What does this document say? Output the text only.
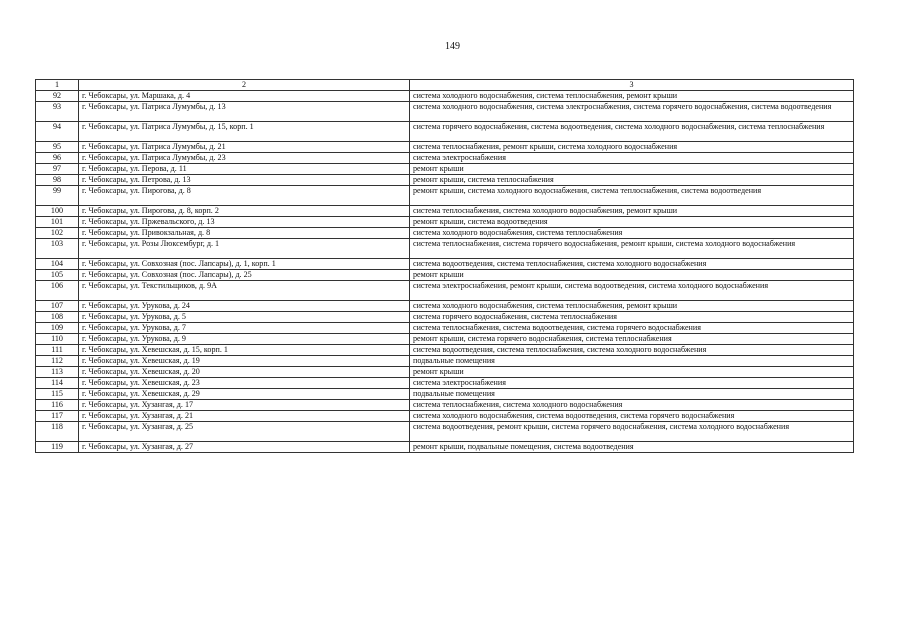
149
1	2	3
92	г. Чебоксары, ул. Маршака, д. 4	система холодного водоснабжения, система теплоснабжения, ремонт крыши
93	г. Чебоксары, ул. Патриса Лумумбы, д. 13	система холодного водоснабжения, система электроснабжения, система горячего водоснабжения, система водоотведения
94	г. Чебоксары, ул. Патриса Лумумбы, д. 15, корп. 1	система горячего водоснабжения, система водоотведения, система холодного водоснабжения, система теплоснабжения
95	г. Чебоксары, ул. Патриса Лумумбы, д. 21	система теплоснабжения, ремонт крыши, система холодного водоснабжения
96	г. Чебоксары, ул. Патриса Лумумбы, д. 23	система электроснабжения
97	г. Чебоксары, ул. Перова, д. 11	ремонт крыши
98	г. Чебоксары, ул. Петрова, д. 13	ремонт крыши, система теплоснабжения
99	г. Чебоксары, ул. Пирогова, д. 8	ремонт крыши, система холодного водоснабжения, система теплоснабжения, система водоотведения
100	г. Чебоксары, ул. Пирогова, д. 8, корп. 2	система теплоснабжения, система холодного водоснабжения, ремонт крыши
101	г. Чебоксары, ул. Пржевальского, д. 13	ремонт крыши, система водоотведения
102	г. Чебоксары, ул. Привокзальная, д. 8	система холодного водоснабжения, система теплоснабжения
103	г. Чебоксары, ул. Розы Люксембург, д. 1	система теплоснабжения, система горячего водоснабжения, ремонт крыши, система холодного водоснабжения
104	г. Чебоксары, ул. Совхозная (пос. Лапсары), д. 1, корп. 1	система водоотведения, система теплоснабжения, система холодного водоснабжения
105	г. Чебоксары, ул. Совхозная (пос. Лапсары), д. 25	ремонт крыши
106	г. Чебоксары, ул. Текстильщиков, д. 9А	система электроснабжения, ремонт крыши, система водоотведения, система холодного водоснабжения
107	г. Чебоксары, ул. Урукова, д. 24	система холодного водоснабжения, система теплоснабжения, ремонт крыши
108	г. Чебоксары, ул. Урукова, д. 5	система горячего водоснабжения, система теплоснабжения
109	г. Чебоксары, ул. Урукова, д. 7	система теплоснабжения, система водоотведения, система горячего водоснабжения
110	г. Чебоксары, ул. Урукова, д. 9	ремонт крыши, система горячего водоснабжения, система теплоснабжения
111	г. Чебоксары, ул. Хевешская, д. 15, корп. 1	система водоотведения, система теплоснабжения, система холодного водоснабжения
112	г. Чебоксары, ул. Хевешская, д. 19	подвальные помещения
113	г. Чебоксары, ул. Хевешская, д. 20	ремонт крыши
114	г. Чебоксары, ул. Хевешская, д. 23	система электроснабжения
115	г. Чебоксары, ул. Хевешская, д. 29	подвальные помещения
116	г. Чебоксары, ул. Хузангая, д. 17	система теплоснабжения, система холодного водоснабжения
117	г. Чебоксары, ул. Хузангая, д. 21	система холодного водоснабжения, система водоотведения, система горячего водоснабжения
118	г. Чебоксары, ул. Хузангая, д. 25	система водоотведения, ремонт крыши, система горячего водоснабжения, система холодного водоснабжения
119	г. Чебоксары, ул. Хузангая, д. 27	ремонт крыши, подвальные помещения, система водоотведения
